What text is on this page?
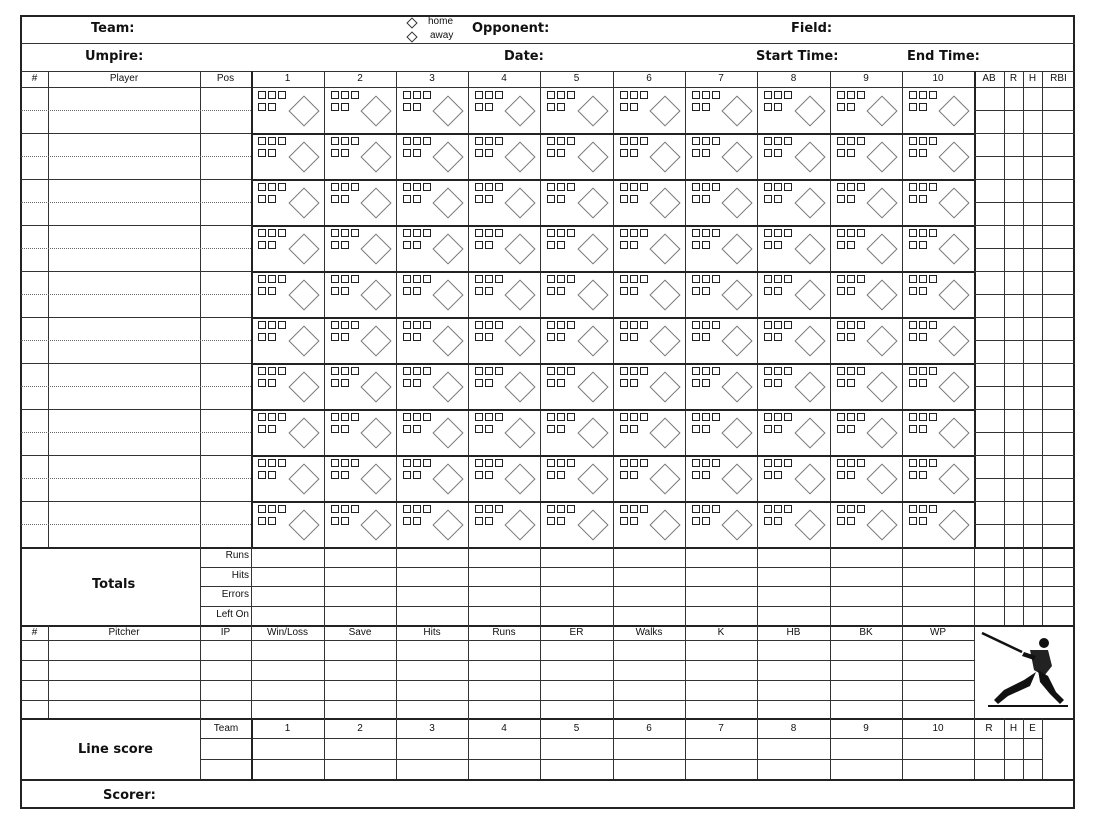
Team:	home
away Opponent:	Field:
Umpire:	Date:	Start Time:	End Time:
#	Player	Pos	1	2	3	4	5	6	7	8	9	10	AB	R	H	RBI
Runs
Hits
Errors
Left On
Totals
#	Pitcher	IP	Win/Loss	Save	Hits	Runs	ER	Walks	K	HB	BK	WP
Team	1	2	3	4	5	6	7	8	9	10	R	H	E
Line score
Scorer:
